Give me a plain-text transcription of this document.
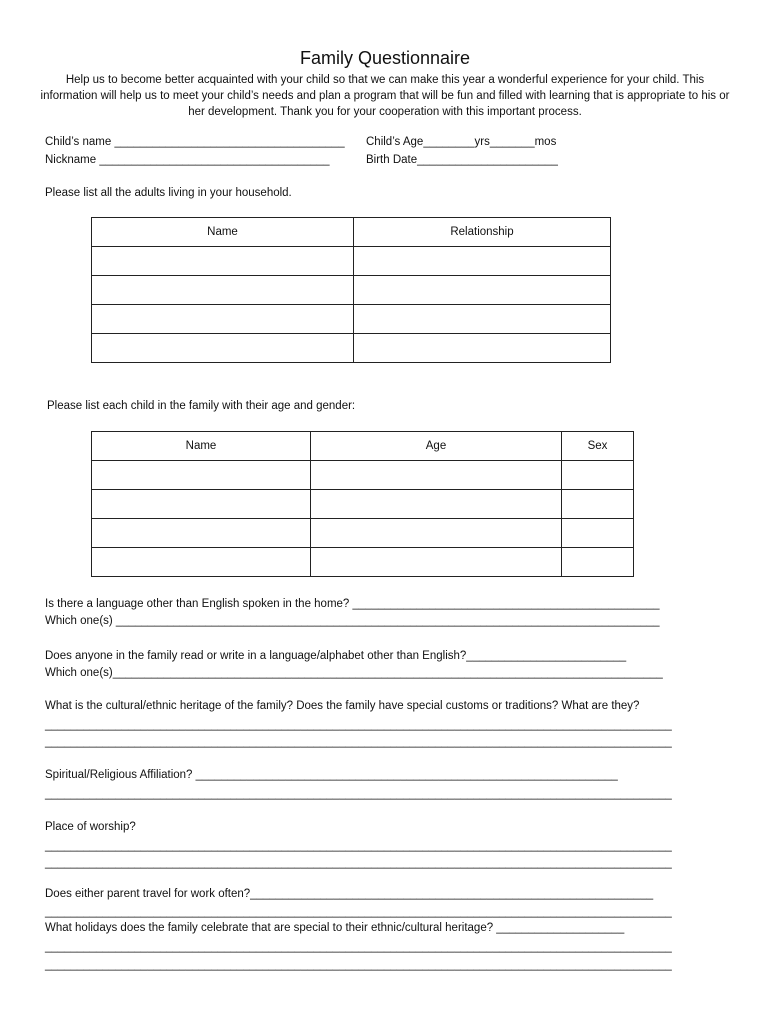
Family Questionnaire
Help us to become better acquainted with your child so that we can make this year a wonderful experience for your child. This information will help us to meet your child’s needs and plan a program that will be fun and filled with learning that is appropriate to his or her development. Thank you for your cooperation with this important process.
Child’s name ____________________________________ Child’s Age________yrs_______mos
Nickname ____________________________________	Birth Date______________________
Please list all the adults living in your household.
Name	Relationship

Please list each child in the family with their age and gender:
Name	Age	Sex

Is there a language other than English spoken in the home? ________________________________________________
Which one(s) _____________________________________________________________________________________
Does anyone in the family read or write in a language/alphabet other than English?_________________________
Which one(s)______________________________________________________________________________________
What is the cultural/ethnic heritage of the family? Does the family have special customs or traditions? What are they?
__________________________________________________________________________________________________
__________________________________________________________________________________________________
Spiritual/Religious Affiliation? __________________________________________________________________
__________________________________________________________________________________________________
Place of worship?
__________________________________________________________________________________________________
__________________________________________________________________________________________________
Does either parent travel for work often?_______________________________________________________________
__________________________________________________________________________________________________
What holidays does the family celebrate that are special to their ethnic/cultural heritage? ____________________
__________________________________________________________________________________________________
__________________________________________________________________________________________________
